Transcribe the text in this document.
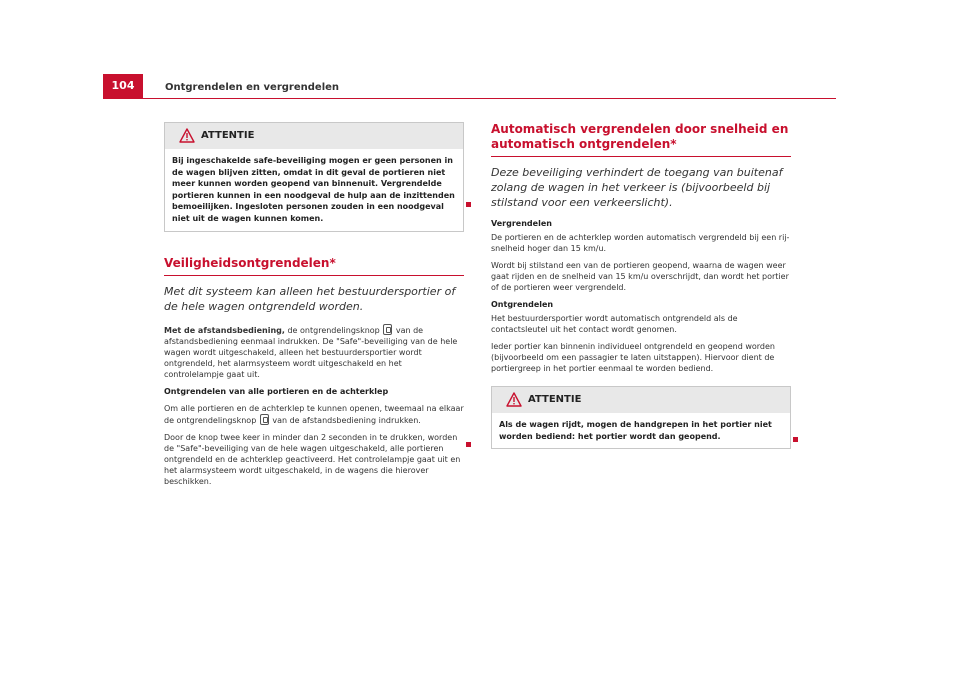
104	Ontgrendelen en vergrendelen
ATTENTIE
Bij ingeschakelde safe-beveiliging mogen er geen personen in de wagen blijven zitten, omdat in dit geval de portieren niet meer kunnen worden geopend van binnenuit. Vergrendelde portieren kunnen in een noodgeval de hulp aan de inzittenden bemoeilijken. Ingesloten personen zouden in een noodgeval niet uit de wagen kunnen komen.
Veiligheidsontgrendelen*
Met dit systeem kan alleen het bestuurdersportier of de hele wagen ontgrendeld worden.
Met de afstandsbediening, de ontgrendelingsknop  van de afstandsbediening eenmaal indrukken. De "Safe"-beveiliging van de hele wagen wordt uitgeschakeld, alleen het bestuurdersportier wordt ontgrendeld, het alarmsysteem wordt uitgeschakeld en het controlelampje gaat uit.
Ontgrendelen van alle portieren en de achterklep
Om alle portieren en de achterklep te kunnen openen, tweemaal na elkaar de ontgrendelingsknop  van de afstandsbediening indrukken.
Door de knop twee keer in minder dan 2 seconden in te drukken, worden de "Safe"-beveiliging van de hele wagen uitgeschakeld, alle portieren ontgrendeld en de achterklep geactiveerd. Het controlelampje gaat uit en het alarmsysteem wordt uitgeschakeld, in de wagens die hierover beschikken.
Automatisch vergrendelen door snelheid en automatisch ontgrendelen*
Deze beveiliging verhindert de toegang van buitenaf zolang de wagen in het verkeer is (bijvoorbeeld bij stilstand voor een verkeerslicht).
Vergrendelen
De portieren en de achterklep worden automatisch vergrendeld bij een rijsnelheid hoger dan 15 km/u.
Wordt bij stilstand een van de portieren geopend, waarna de wagen weer gaat rijden en de snelheid van 15 km/u overschrijdt, dan wordt het portier of de portieren weer vergrendeld.
Ontgrendelen
Het bestuurdersportier wordt automatisch ontgrendeld als de contactsleutel uit het contact wordt genomen.
Ieder portier kan binnenin individueel ontgrendeld en geopend worden (bijvoorbeeld om een passagier te laten uitstappen). Hiervoor dient de portiergreep in het portier eenmaal te worden bediend.
ATTENTIE
Als de wagen rijdt, mogen de handgrepen in het portier niet worden bediend: het portier wordt dan geopend.
